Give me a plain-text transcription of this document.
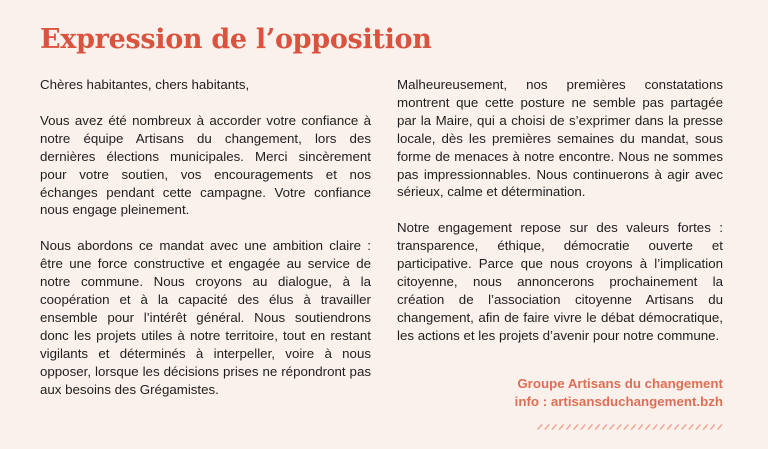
Expression de l’opposition

Chères habitantes, chers habitants,

Vous avez été nombreux à accorder votre confiance à notre équipe Artisans du changement, lors des dernières élections municipales. Merci sincèrement pour votre soutien, vos encouragements et nos échanges pendant cette campagne. Votre confiance nous engage pleinement.

Nous abordons ce mandat avec une ambition claire : être une force constructive et engagée au service de notre commune. Nous croyons au dialogue, à la coopération et à la capacité des élus à travailler ensemble pour l’intérêt général. Nous soutiendrons donc les projets utiles à notre territoire, tout en restant vigilants et déterminés à interpeller, voire à nous opposer, lorsque les décisions prises ne répondront pas aux besoins des Grégamistes.

Malheureusement, nos premières constatations montrent que cette posture ne semble pas partagée par la Maire, qui a choisi de s’exprimer dans la presse locale, dès les premières semaines du mandat, sous forme de menaces à notre encontre. Nous ne sommes pas impressionnables. Nous continuerons à agir avec sérieux, calme et détermination.

Notre engagement repose sur des valeurs fortes : transparence, éthique, démocratie ouverte et participative. Parce que nous croyons à l’implication citoyenne, nous annoncerons prochainement la création de l’association citoyenne Artisans du changement, afin de faire vivre le débat démocratique, les actions et les projets d’avenir pour notre commune.

Groupe Artisans du changement
info : artisansduchangement.bzh
